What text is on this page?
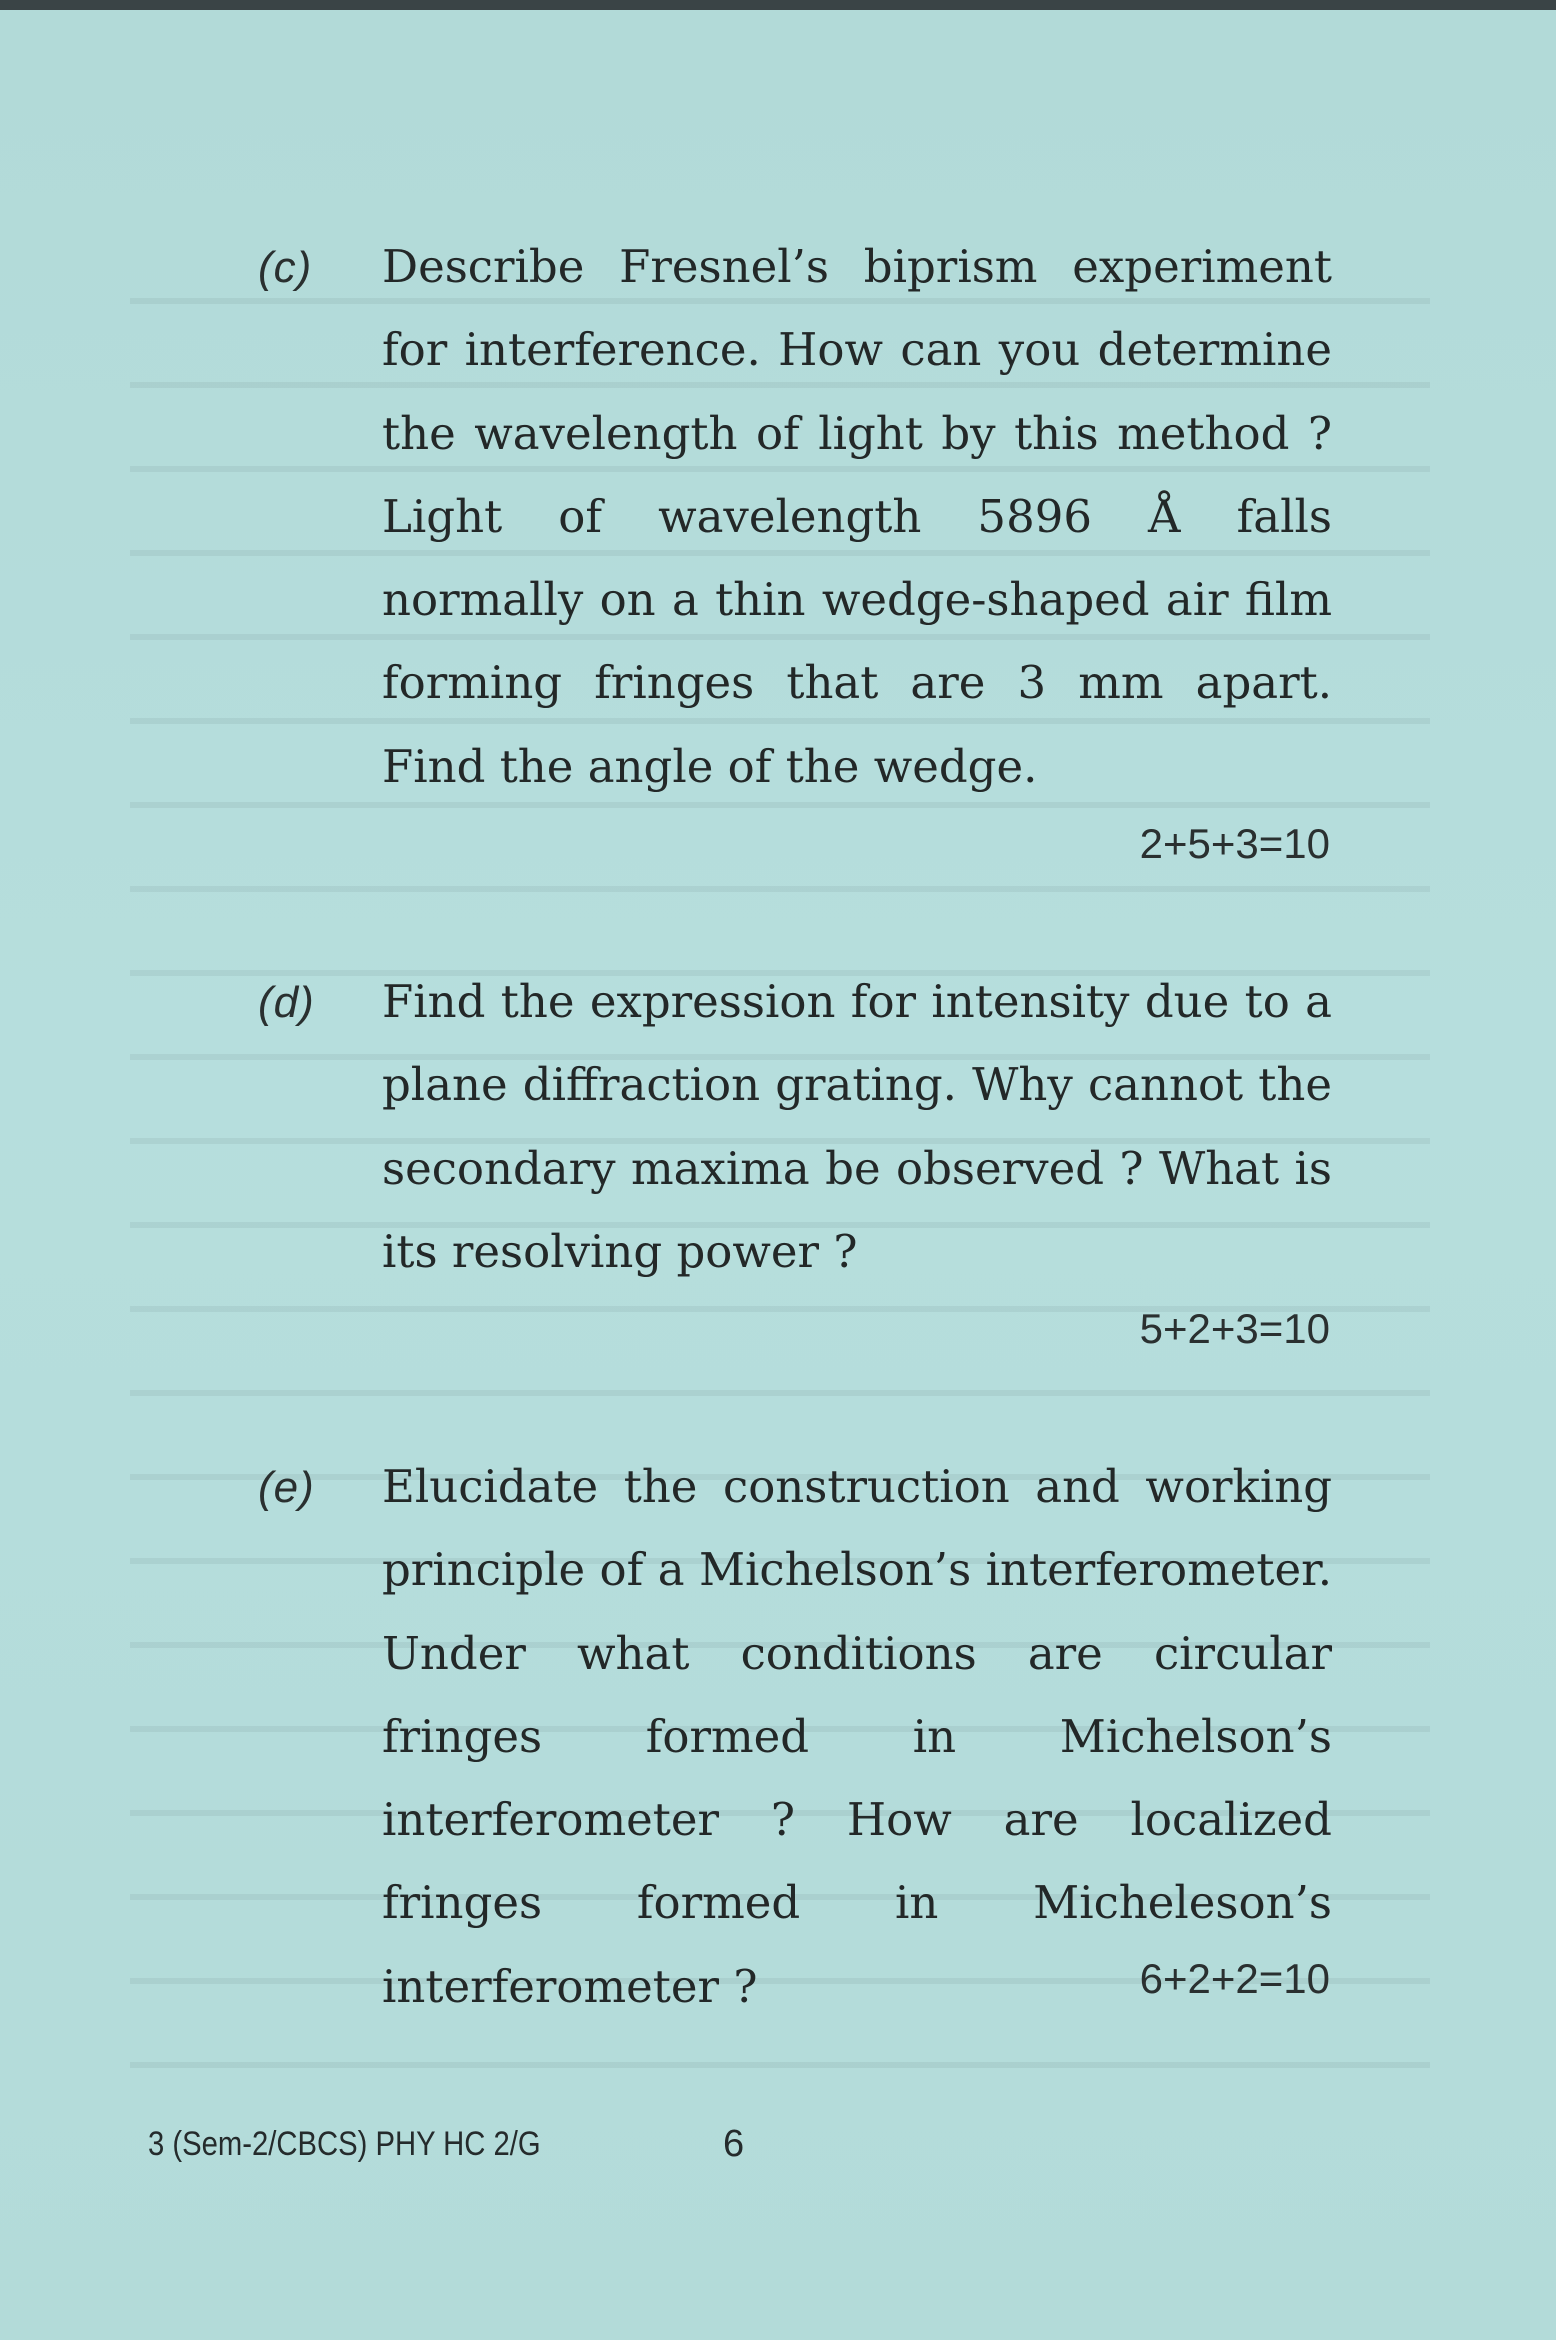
(c) Describe Fresnel’s biprism experiment for interference. How can you determine the wavelength of light by this method ? Light of wavelength 5896 Å falls normally on a thin wedge-shaped air film forming fringes that are 3 mm apart. Find the angle of the wedge.

2+5+3=10
(d) Find the expression for intensity due to a plane diffraction grating. Why cannot the secondary maxima be observed ? What is its resolving power ?

5+2+3=10
(e) Elucidate the construction and working principle of a Michelson’s interferometer. Under what conditions are circular fringes formed in Michelson’s interferometer ? How are localized fringes formed in Micheleson’s interferometer ?	6+2+2=10
3 (Sem-2/CBCS) PHY HC 2/G	6
